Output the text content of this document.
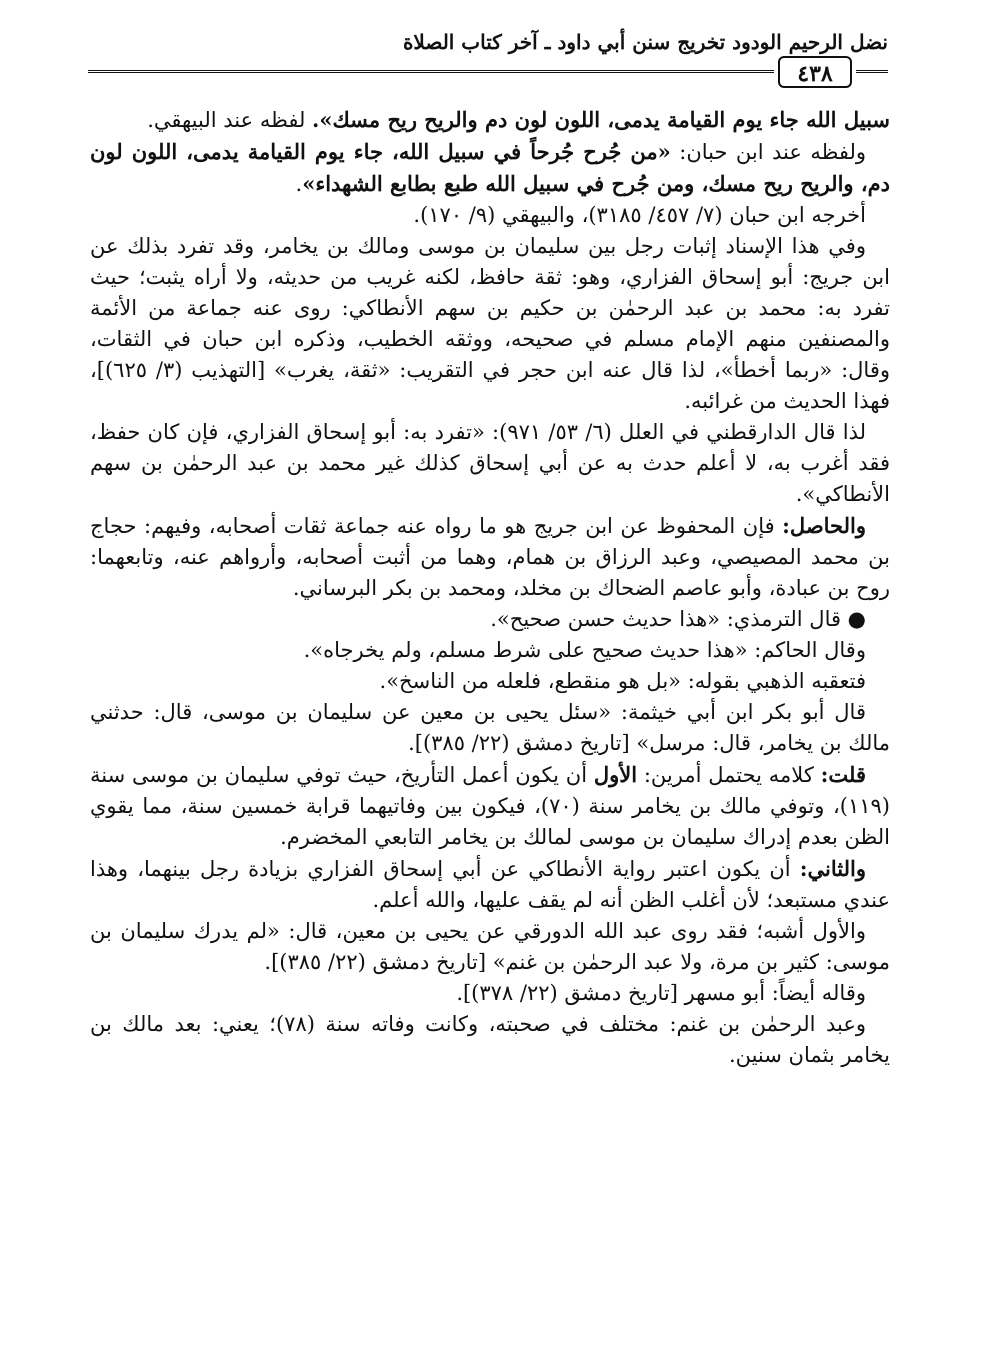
نضل الرحيم الودود تخريج سنن أبي داود ـ آخر كتاب الصلاة
٤٣٨

سبيل الله جاء يوم القيامة يدمى، اللون لون دم والريح ريح مسك». لفظه عند البيهقي.

ولفظه عند ابن حبان: «من جُرح جُرحاً في سبيل الله، جاء يوم القيامة يدمى، اللون لون دم، والريح ريح مسك، ومن جُرح في سبيل الله طبع بطابع الشهداء».

أخرجه ابن حبان (٧/ ٤٥٧/ ٣١٨٥)، والبيهقي (٩/ ١٧٠).

وفي هذا الإسناد إثبات رجل بين سليمان بن موسى ومالك بن يخامر، وقد تفرد بذلك عن ابن جريج: أبو إسحاق الفزاري، وهو: ثقة حافظ، لكنه غريب من حديثه، ولا أراه يثبت؛ حيث تفرد به: محمد بن عبد الرحمٰن بن حكيم بن سهم الأنطاكي: روى عنه جماعة من الأئمة والمصنفين منهم الإمام مسلم في صحيحه، ووثقه الخطيب، وذكره ابن حبان في الثقات، وقال: «ربما أخطأ»، لذا قال عنه ابن حجر في التقريب: «ثقة، يغرب» [التهذيب (٣/ ٦٢٥)]، فهذا الحديث من غرائبه.

لذا قال الدارقطني في العلل (٦/ ٥٣/ ٩٧١): «تفرد به: أبو إسحاق الفزاري، فإن كان حفظ، فقد أغرب به، لا أعلم حدث به عن أبي إسحاق كذلك غير محمد بن عبد الرحمٰن بن سهم الأنطاكي».

والحاصل: فإن المحفوظ عن ابن جريج هو ما رواه عنه جماعة ثقات أصحابه، وفيهم: حجاج بن محمد المصيصي، وعبد الرزاق بن همام، وهما من أثبت أصحابه، وأرواهم عنه، وتابعهما: روح بن عبادة، وأبو عاصم الضحاك بن مخلد، ومحمد بن بكر البرساني.

● قال الترمذي: «هذا حديث حسن صحيح».

وقال الحاكم: «هذا حديث صحيح على شرط مسلم، ولم يخرجاه».

فتعقبه الذهبي بقوله: «بل هو منقطع، فلعله من الناسخ».

قال أبو بكر ابن أبي خيثمة: «سئل يحيى بن معين عن سليمان بن موسى، قال: حدثني مالك بن يخامر، قال: مرسل» [تاريخ دمشق (٢٢/ ٣٨٥)].

قلت: كلامه يحتمل أمرين: الأول أن يكون أعمل التأريخ، حيث توفي سليمان بن موسى سنة (١١٩)، وتوفي مالك بن يخامر سنة (٧٠)، فيكون بين وفاتيهما قرابة خمسين سنة، مما يقوي الظن بعدم إدراك سليمان بن موسى لمالك بن يخامر التابعي المخضرم.

والثاني: أن يكون اعتبر رواية الأنطاكي عن أبي إسحاق الفزاري بزيادة رجل بينهما، وهذا عندي مستبعد؛ لأن أغلب الظن أنه لم يقف عليها، والله أعلم.

والأول أشبه؛ فقد روى عبد الله الدورقي عن يحيى بن معين، قال: «لم يدرك سليمان بن موسى: كثير بن مرة، ولا عبد الرحمٰن بن غنم» [تاريخ دمشق (٢٢/ ٣٨٥)].

وقاله أيضاً: أبو مسهر [تاريخ دمشق (٢٢/ ٣٧٨)].

وعبد الرحمٰن بن غنم: مختلف في صحبته، وكانت وفاته سنة (٧٨)؛ يعني: بعد مالك بن يخامر بثمان سنين.
